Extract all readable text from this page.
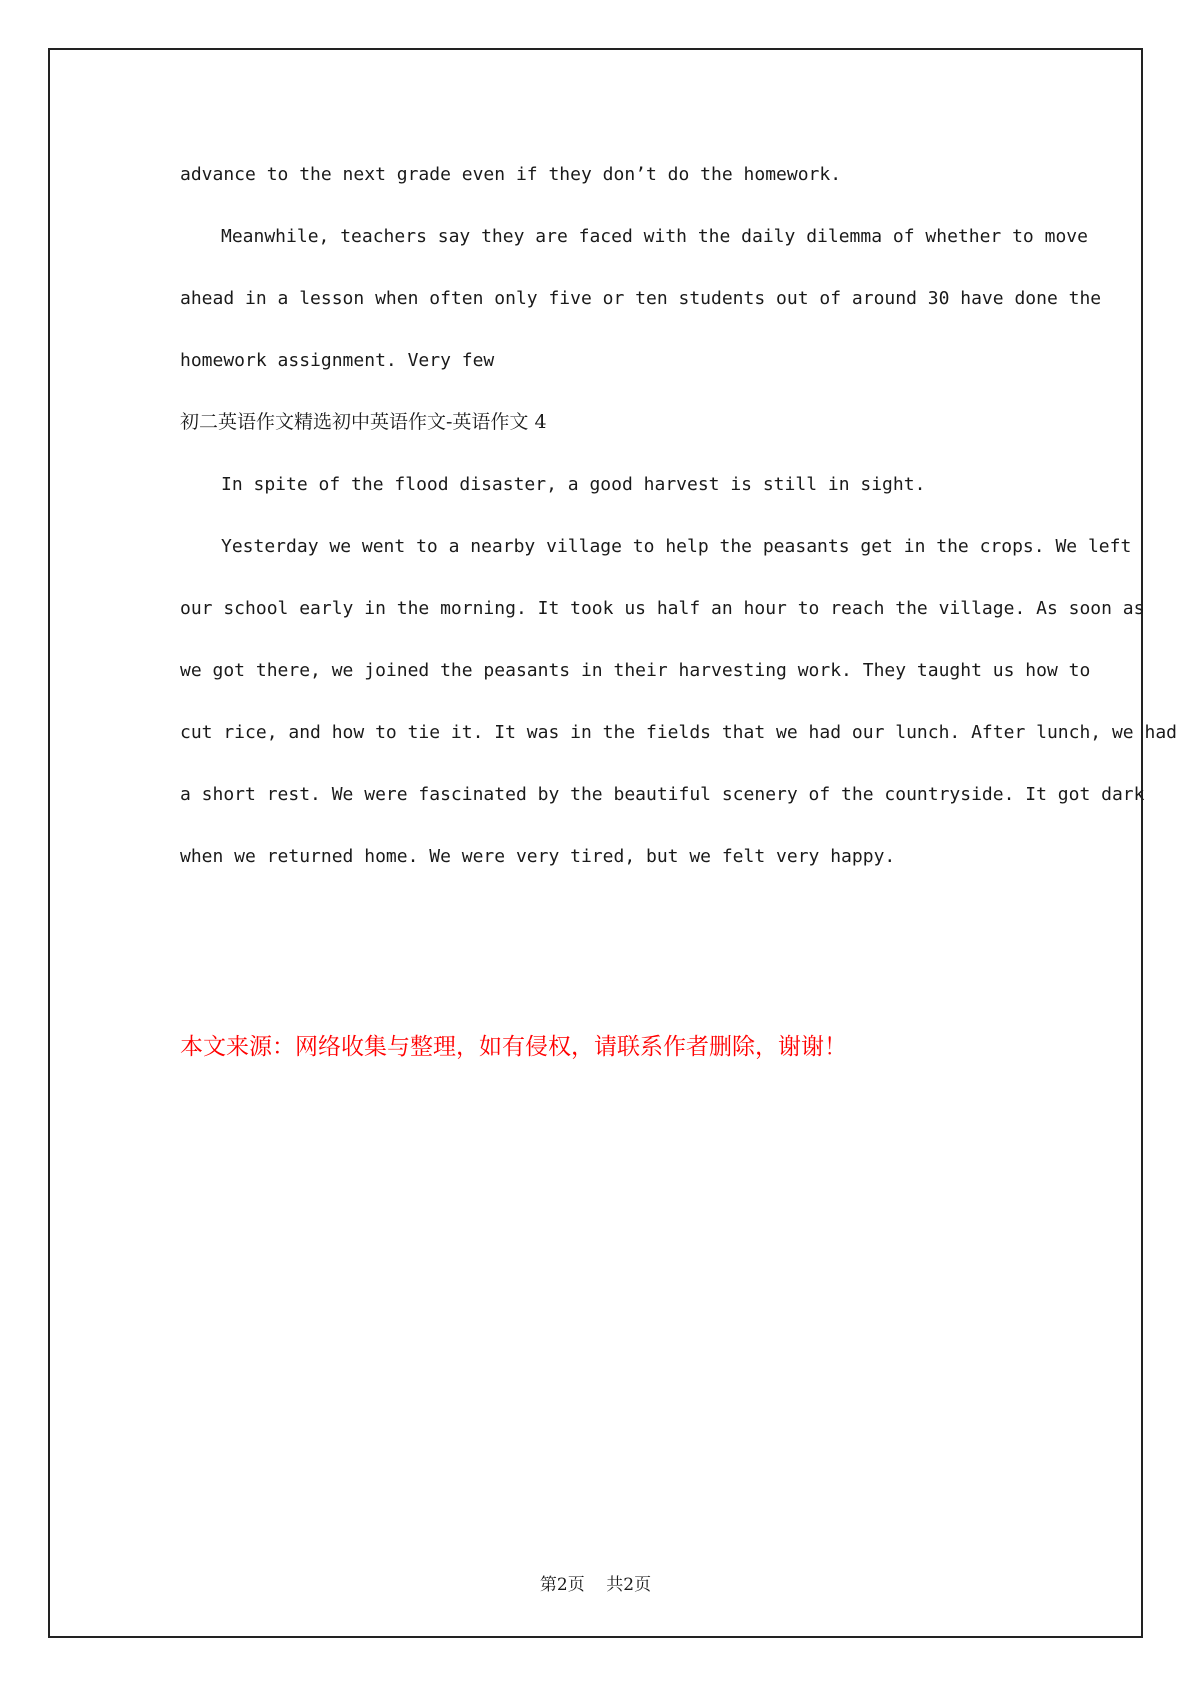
advance to the next grade even if they don’t do the homework.
Meanwhile, teachers say they are faced with the daily dilemma of whether to move
ahead in a lesson when often only five or ten students out of around 30 have done the
homework assignment. Very few
初二英语作文精选初中英语作文-英语作文 4
In spite of the flood disaster, a good harvest is still in sight.
Yesterday we went to a nearby village to help the peasants get in the crops. We left
our school early in the morning. It took us half an hour to reach the village. As soon as
we got there, we joined the peasants in their harvesting work. They taught us how to
cut rice, and how to tie it. It was in the fields that we had our lunch. After lunch, we had
a short rest. We were fascinated by the beautiful scenery of the countryside. It got dark
when we returned home. We were very tired, but we felt very happy.
本文来源：网络收集与整理，如有侵权，请联系作者删除，谢谢！
第2页    共2页
